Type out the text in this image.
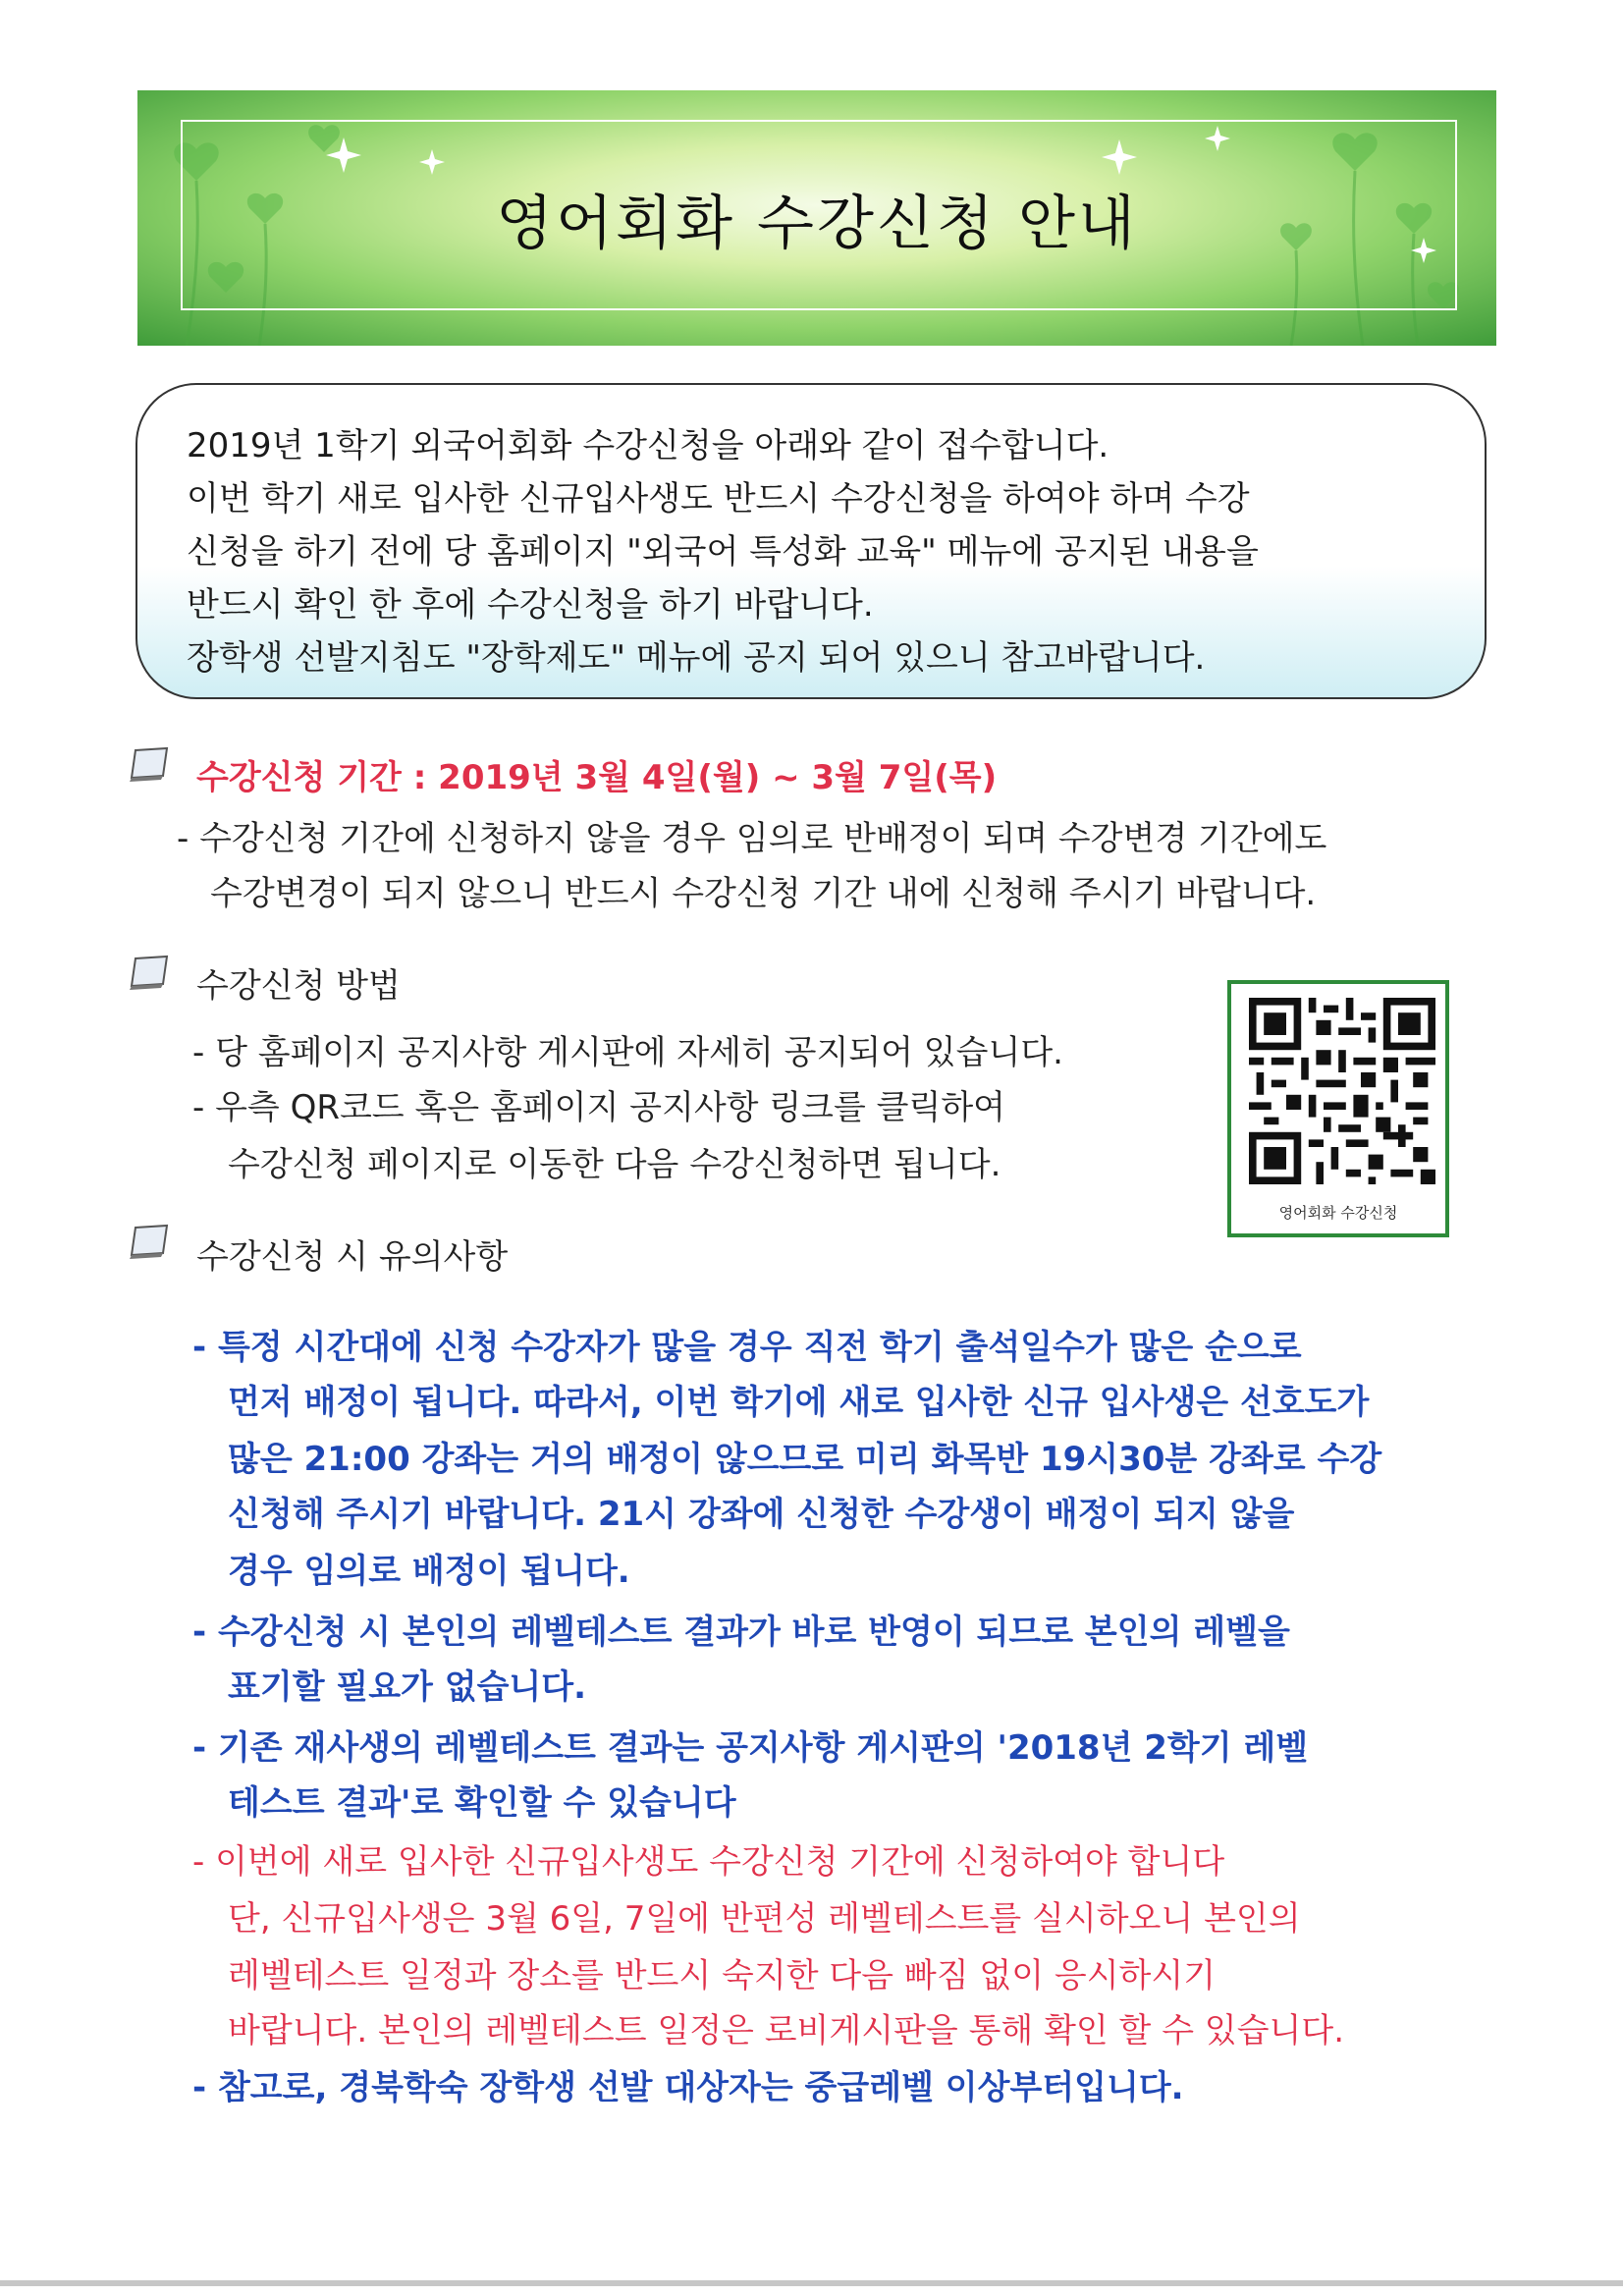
영어회화 수강신청 안내
2019년 1학기 외국어회화 수강신청을 아래와 같이 접수합니다.
이번 학기 새로 입사한 신규입사생도 반드시 수강신청을 하여야 하며 수강
신청을 하기 전에 당 홈페이지 "외국어 특성화 교육" 메뉴에 공지된 내용을
반드시 확인 한 후에 수강신청을 하기 바랍니다.
장학생 선발지침도 "장학제도" 메뉴에 공지 되어 있으니 참고바랍니다.
수강신청 기간 : 2019년 3월 4일(월) ~ 3월 7일(목)
- 수강신청 기간에 신청하지 않을 경우 임의로 반배정이 되며 수강변경 기간에도
수강변경이 되지 않으니 반드시 수강신청 기간 내에 신청해 주시기 바랍니다.
수강신청 방법
- 당 홈페이지 공지사항 게시판에 자세히 공지되어 있습니다.
- 우측 QR코드 혹은 홈페이지 공지사항 링크를 클릭하여
수강신청 페이지로 이동한 다음 수강신청하면 됩니다.
영어회화 수강신청
수강신청 시 유의사항
- 특정 시간대에 신청 수강자가 많을 경우 직전 학기 출석일수가 많은 순으로
먼저 배정이 됩니다. 따라서, 이번 학기에 새로 입사한 신규 입사생은 선호도가
많은 21:00 강좌는 거의 배정이 않으므로 미리 화목반 19시30분 강좌로 수강
신청해 주시기 바랍니다. 21시 강좌에 신청한 수강생이 배정이 되지 않을
경우 임의로 배정이 됩니다.
- 수강신청 시 본인의 레벨테스트 결과가 바로 반영이 되므로 본인의 레벨을
표기할 필요가 없습니다.
- 기존 재사생의 레벨테스트 결과는 공지사항 게시판의 '2018년 2학기 레벨
테스트 결과'로 확인할 수 있습니다
- 이번에 새로 입사한 신규입사생도 수강신청 기간에 신청하여야 합니다
단, 신규입사생은 3월 6일, 7일에 반편성 레벨테스트를 실시하오니 본인의
레벨테스트 일정과 장소를 반드시 숙지한 다음 빠짐 없이 응시하시기
바랍니다. 본인의 레벨테스트 일정은 로비게시판을 통해 확인 할 수 있습니다.
- 참고로, 경북학숙 장학생 선발 대상자는 중급레벨 이상부터입니다.
